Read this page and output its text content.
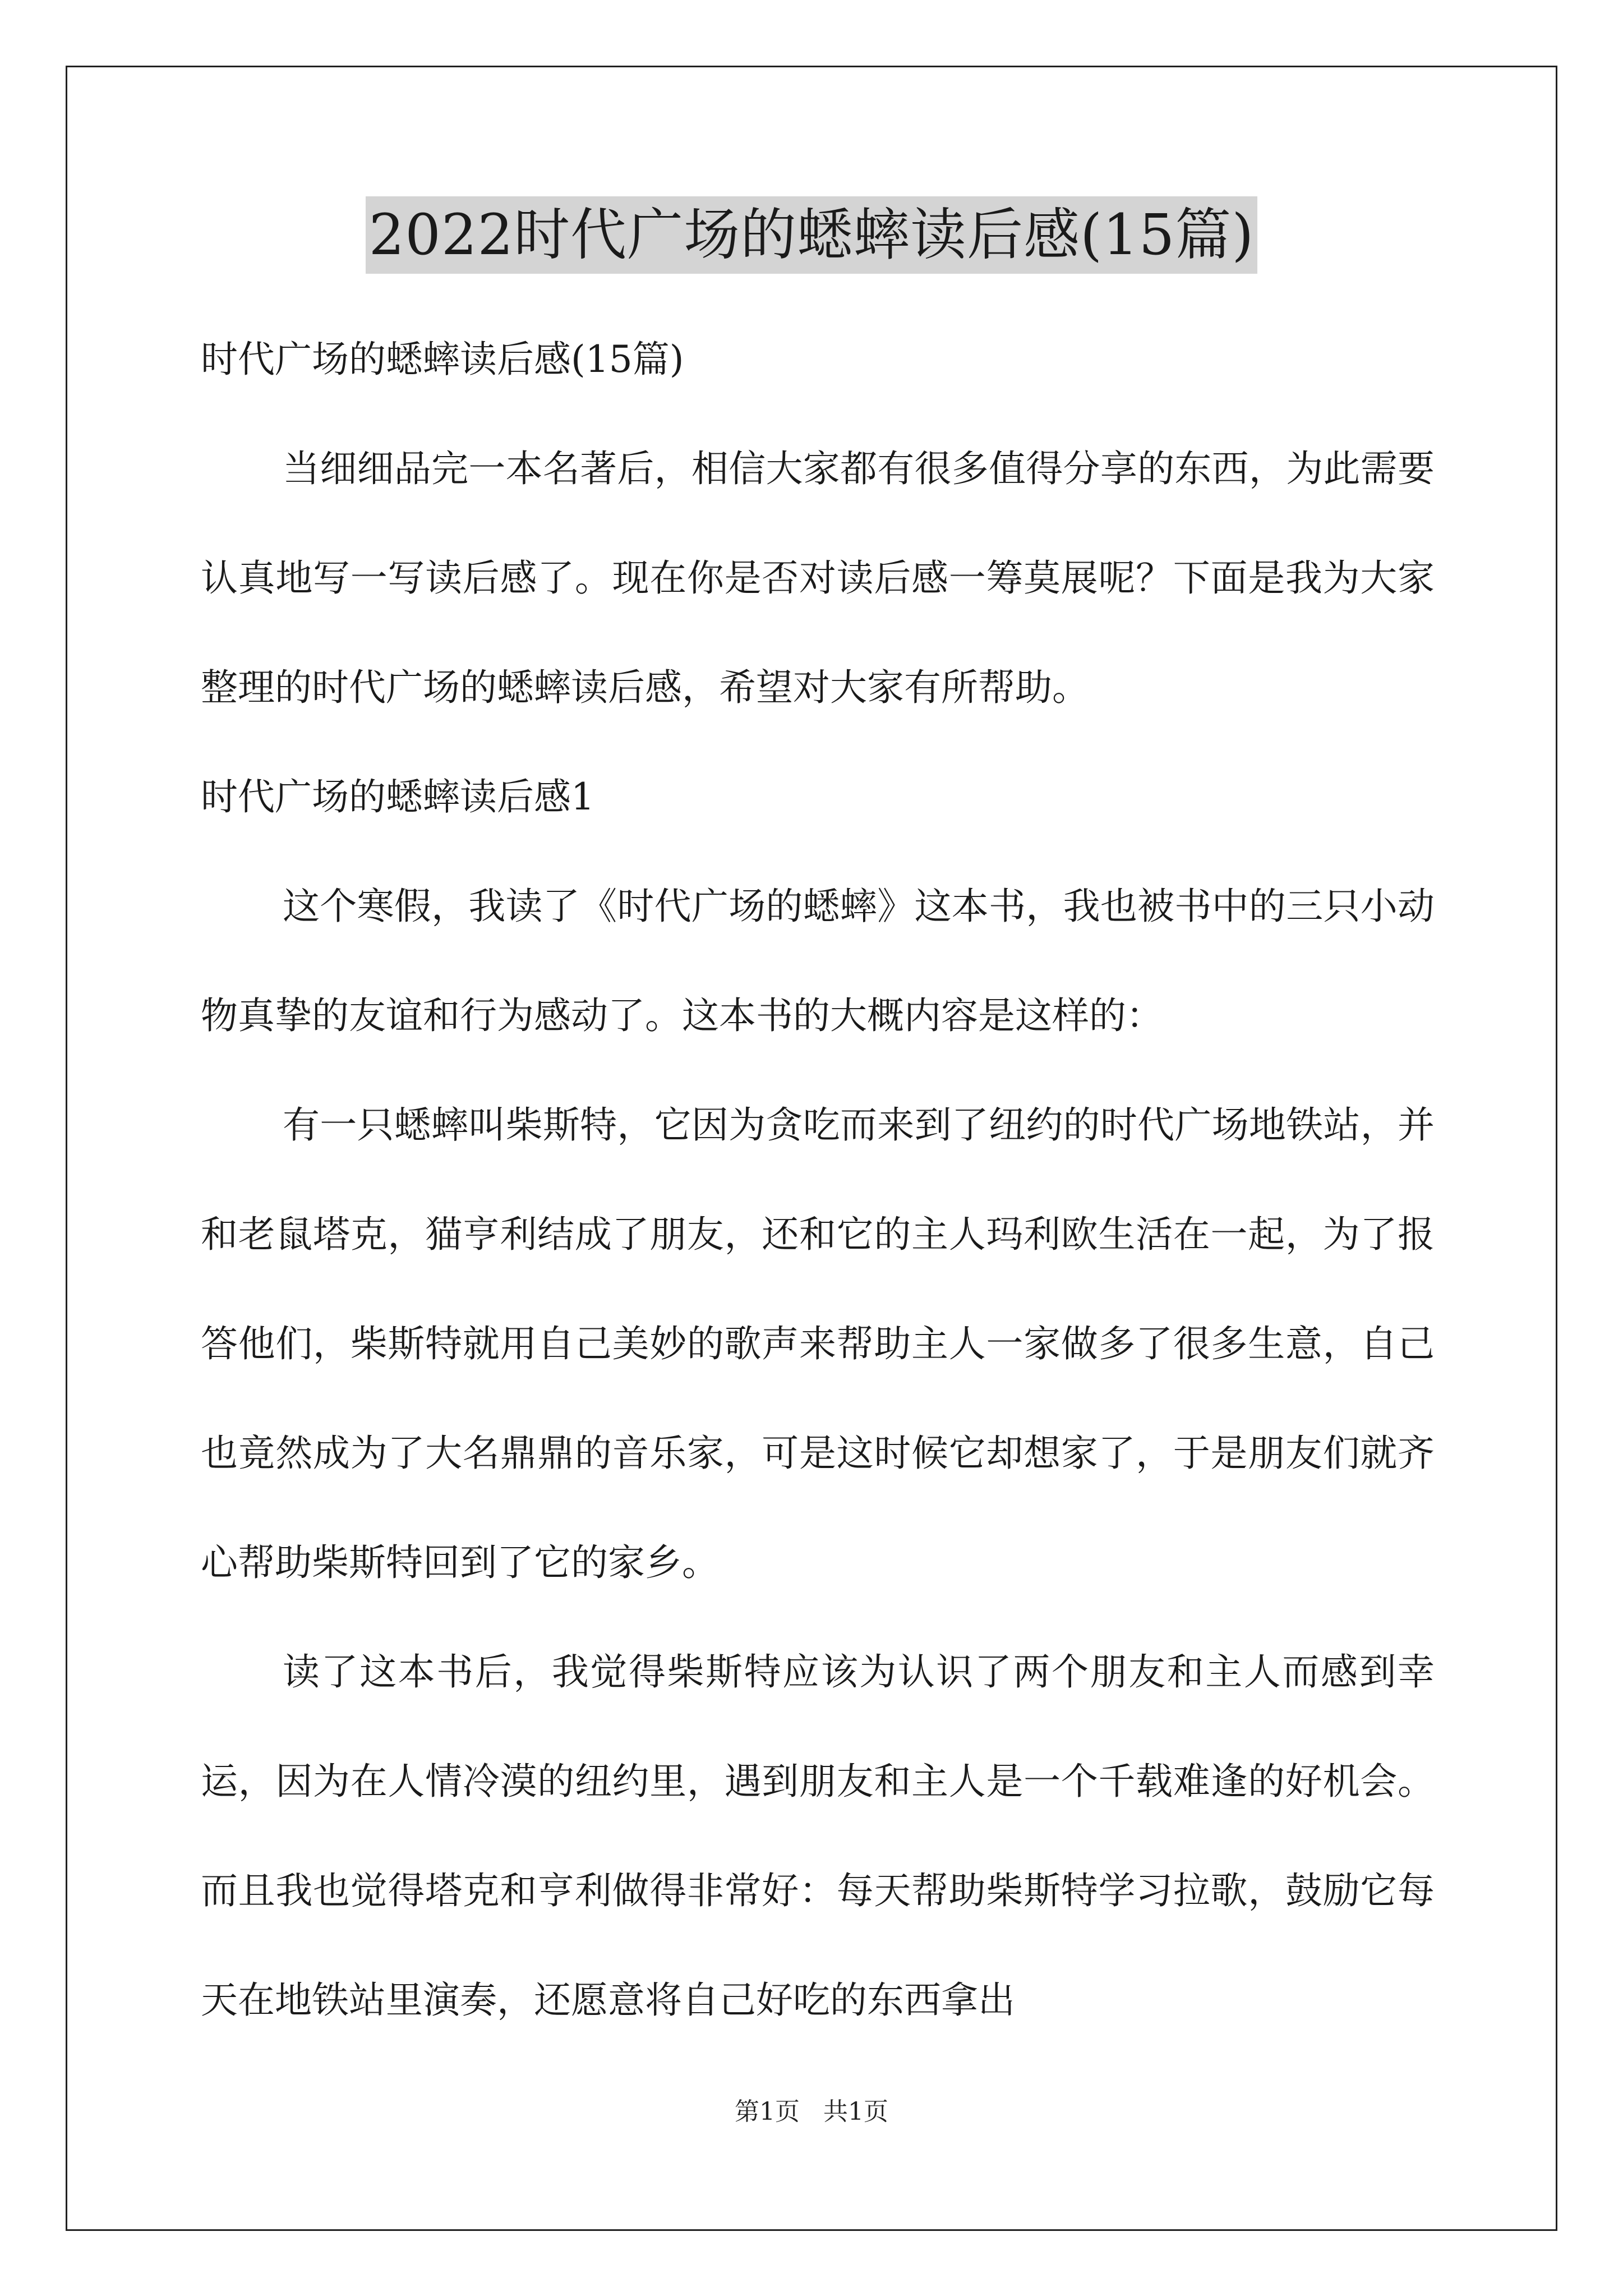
2022时代广场的蟋蟀读后感(15篇)

时代广场的蟋蟀读后感(15篇)

当细细品完一本名著后，相信大家都有很多值得分享的东西，为此需要认真地写一写读后感了。现在你是否对读后感一筹莫展呢？下面是我为大家整理的时代广场的蟋蟀读后感，希望对大家有所帮助。

时代广场的蟋蟀读后感1

这个寒假，我读了《时代广场的蟋蟀》这本书，我也被书中的三只小动物真挚的友谊和行为感动了。这本书的大概内容是这样的：

有一只蟋蟀叫柴斯特，它因为贪吃而来到了纽约的时代广场地铁站，并和老鼠塔克，猫亨利结成了朋友，还和它的主人玛利欧生活在一起，为了报答他们，柴斯特就用自己美妙的歌声来帮助主人一家做多了很多生意，自己也竟然成为了大名鼎鼎的音乐家，可是这时候它却想家了，于是朋友们就齐心帮助柴斯特回到了它的家乡。

读了这本书后，我觉得柴斯特应该为认识了两个朋友和主人而感到幸运，因为在人情冷漠的纽约里，遇到朋友和主人是一个千载难逢的好机会。而且我也觉得塔克和亨利做得非常好：每天帮助柴斯特学习拉歌，鼓励它每天在地铁站里演奏，还愿意将自己好吃的东西拿出

第1页   共1页
